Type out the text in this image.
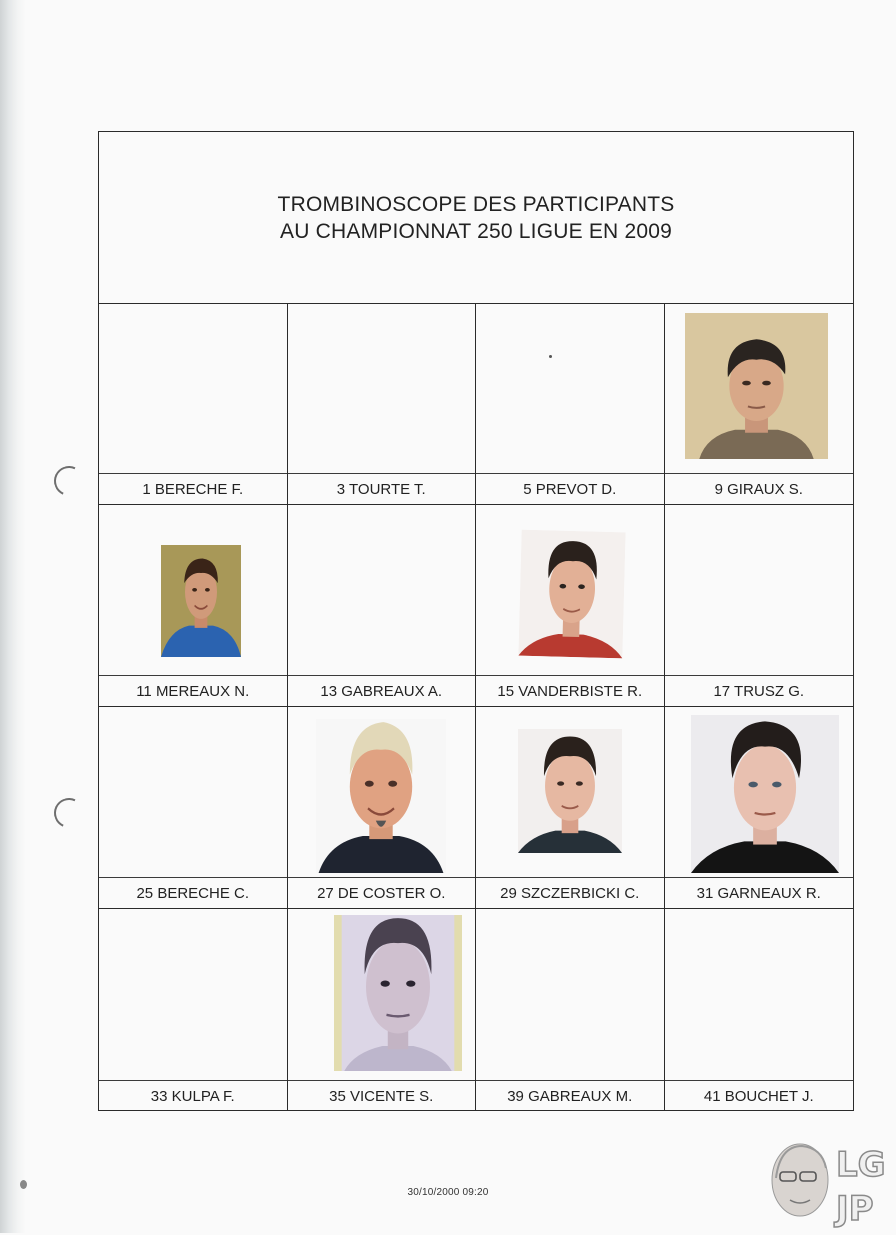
TROMBINOSCOPE DES PARTICIPANTS
AU CHAMPIONNAT 250 LIGUE EN 2009
1 BERECHE F.	3 TOURTE T.	5 PREVOT D.	9 GIRAUX S.
11 MEREAUX N.	13 GABREAUX A.	15 VANDERBISTE R.	17 TRUSZ G.
25 BERECHE C.	27 DE COSTER O.	29 SZCZERBICKI C.	31 GARNEAUX R.
33 KULPA F.	35 VICENTE S.	39 GABREAUX M.	41 BOUCHET J.
30/10/2000 09:20
LG
JP
